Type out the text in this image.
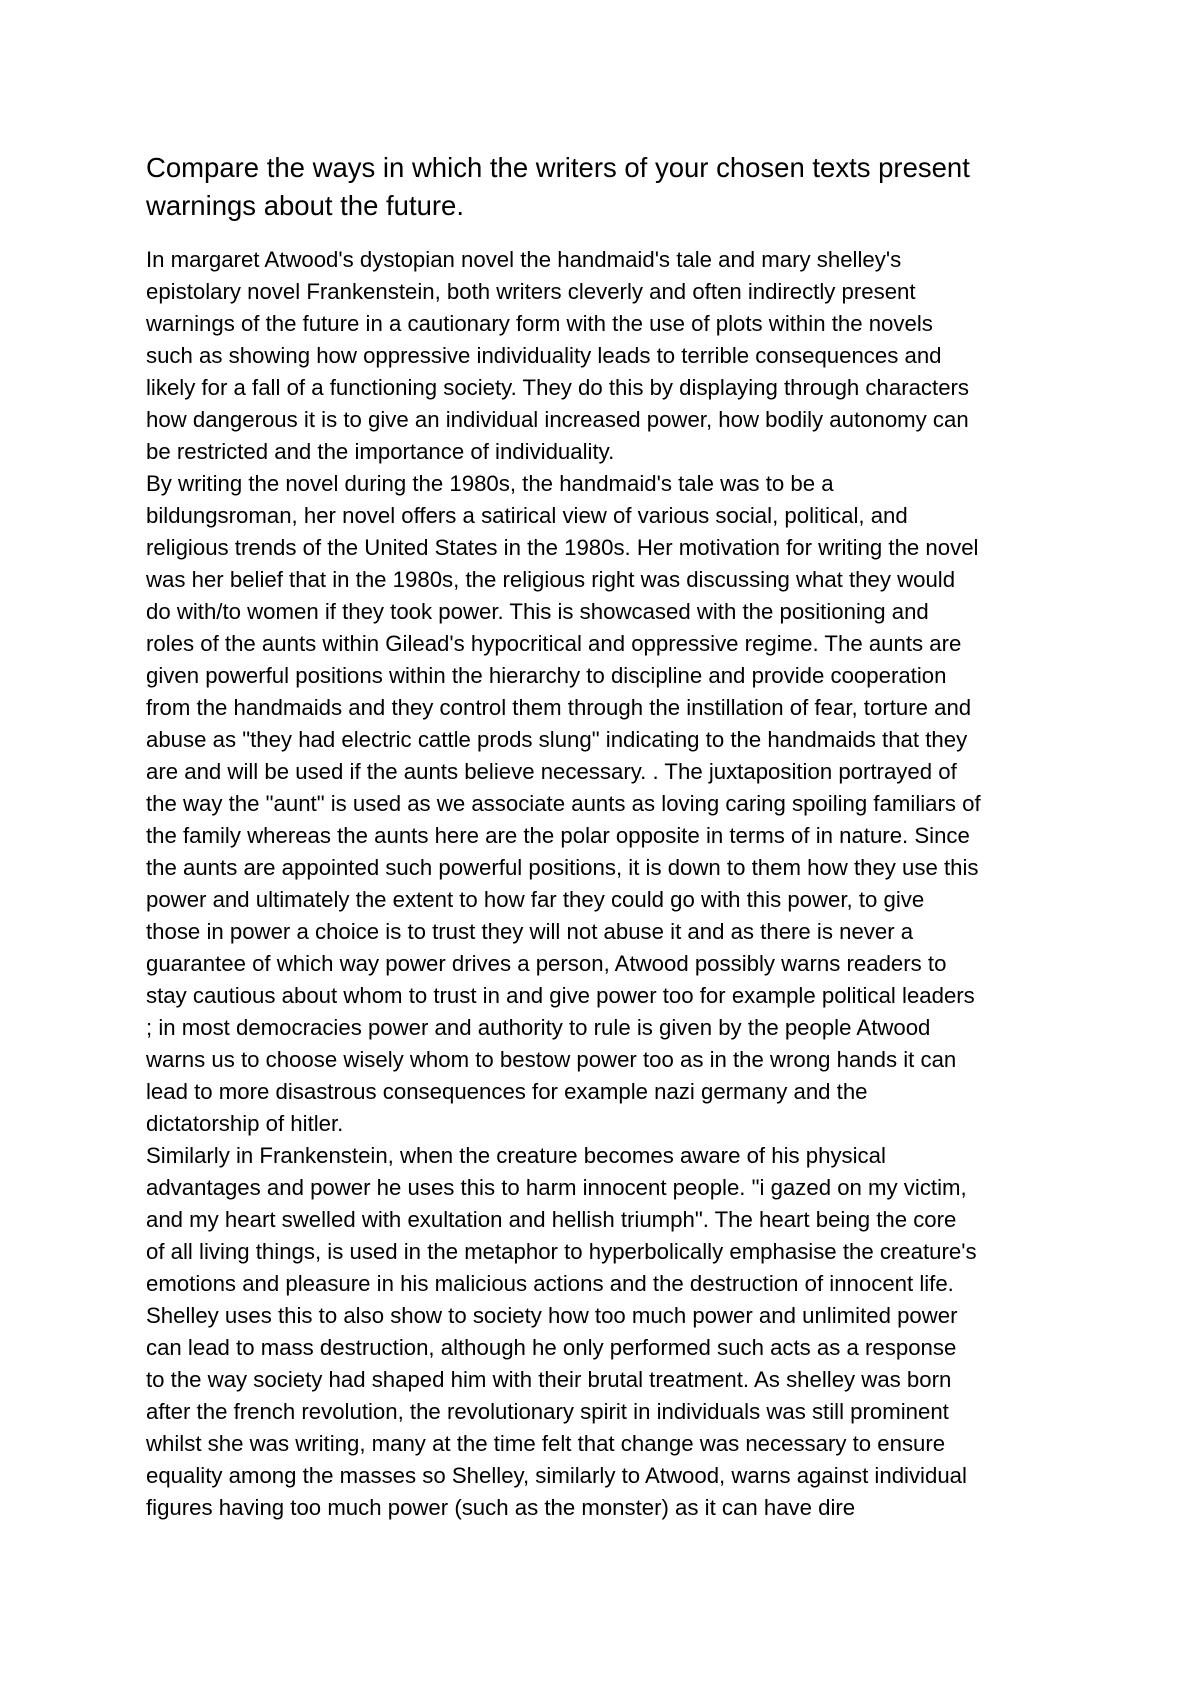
Compare the ways in which the writers of your chosen texts present
warnings about the future.
In margaret Atwood's dystopian novel the handmaid's tale and mary shelley's
epistolary novel Frankenstein, both writers cleverly and often indirectly present
warnings of the future in a cautionary form with the use of plots within the novels
such as showing how oppressive individuality leads to terrible consequences and
likely for a fall of a functioning society. They do this by displaying through characters
how dangerous it is to give an individual increased power, how bodily autonomy can
be restricted and the importance of individuality.
By writing the novel during the 1980s, the handmaid's tale was to be a
bildungsroman, her novel offers a satirical view of various social, political, and
religious trends of the United States in the 1980s. Her motivation for writing the novel
was her belief that in the 1980s, the religious right was discussing what they would
do with/to women if they took power. This is showcased with the positioning and
roles of the aunts within Gilead's hypocritical and oppressive regime. The aunts are
given powerful positions within the hierarchy to discipline and provide cooperation
from the handmaids and they control them through the instillation of fear, torture and
abuse as "they had electric cattle prods slung" indicating to the handmaids that they
are and will be used if the aunts believe necessary. . The juxtaposition portrayed of
the way the "aunt" is used as we associate aunts as loving caring spoiling familiars of
the family whereas the aunts here are the polar opposite in terms of in nature. Since
the aunts are appointed such powerful positions, it is down to them how they use this
power and ultimately the extent to how far they could go with this power, to give
those in power a choice is to trust they will not abuse it and as there is never a
guarantee of which way power drives a person, Atwood possibly warns readers to
stay cautious about whom to trust in and give power too for example political leaders
; in most democracies power and authority to rule is given by the people Atwood
warns us to choose wisely whom to bestow power too as in the wrong hands it can
lead to more disastrous consequences for example nazi germany and the
dictatorship of hitler.
Similarly in Frankenstein, when the creature becomes aware of his physical
advantages and power he uses this to harm innocent people. "i gazed on my victim,
and my heart swelled with exultation and hellish triumph". The heart being the core
of all living things, is used in the metaphor to hyperbolically emphasise the creature's
emotions and pleasure in his malicious actions and the destruction of innocent life.
Shelley uses this to also show to society how too much power and unlimited power
can lead to mass destruction, although he only performed such acts as a response
to the way society had shaped him with their brutal treatment. As shelley was born
after the french revolution, the revolutionary spirit in individuals was still prominent
whilst she was writing, many at the time felt that change was necessary to ensure
equality among the masses so Shelley, similarly to Atwood, warns against individual
figures having too much power (such as the monster) as it can have dire
